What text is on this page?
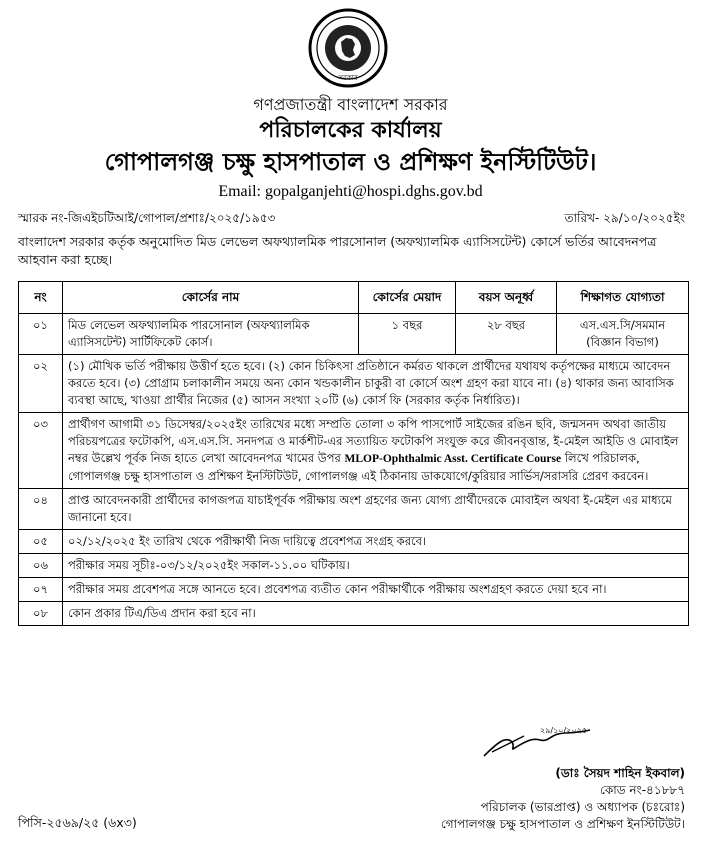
সরকার
গণপ্রজাতন্ত্রী বাংলাদেশ সরকার
পরিচালকের কার্যালয়
গোপালগঞ্জ চক্ষু হাসপাতাল ও প্রশিক্ষণ ইনস্টিটিউট।
Email: gopalganjehti@hospi.dghs.gov.bd
স্মারক নং-জিএইচটিআই/গোপাল/প্রশাঃ/২০২৫/১৯৫৩	তারিখ- ২৯/১০/২০২৫ইং
বাংলাদেশ সরকার কর্তৃক অনুমোদিত মিড লেভেল অফথ্যালমিক পারসোনাল (অফথ্যালমিক এ্যাসিসটেন্ট) কোর্সে ভর্তির আবেদনপত্র আহবান করা হচ্ছে।
নং	কোর্সের নাম	কোর্সের মেয়াদ	বয়স অনূর্ধ্ব	শিক্ষাগত যোগ্যতা
০১	মিড লেভেল অফথ্যালমিক পারসোনাল (অফথ্যালমিক এ্যাসিসটেন্ট) সার্টিফিকেট কোর্স।	১ বছর	২৮ বছর	এস.এস.সি/সমমান
(বিজ্ঞান বিভাগ)

০২	(১) মৌখিক ভর্তি পরীক্ষায় উত্তীর্ণ হতে হবে। (২) কোন চিকিৎসা প্রতিষ্ঠানে কর্মরত থাকলে প্রার্থীদের যথাযথ কর্তৃপক্ষের মাধ্যমে আবেদন করতে হবে। (৩) প্রোগ্রাম চলাকালীন সময়ে অন্য কোন খন্ডকালীন চাকুরী বা কোর্সে অংশ গ্রহণ করা যাবে না। (৪) থাকার জন্য আবাসিক ব্যবস্থা আছে, খাওয়া প্রার্থীর নিজের (৫) আসন সংখ্যা ২০টি (৬) কোর্স ফি (সরকার কর্তৃক নির্ধারিত)।			
০৩	প্রার্থীগণ আগামী ৩১ ডিসেম্বর/২০২৫ইং তারিখের মধ্যে সম্প্রতি তোলা ৩ কপি পাসপোর্ট সাইজের রঙিন ছবি, জন্মসনদ অথবা জাতীয় পরিচয়পত্রের ফটোকপি, এস.এস.সি. সনদপত্র ও মার্কশীট-এর সত্যায়িত ফটোকপি সংযুক্ত করে জীবনবৃত্তান্ত, ই-মেইল আইডি ও মোবাইল নম্বর উল্লেখ পূর্বক নিজ হাতে লেখা আবেদনপত্র খামের উপর MLOP-Ophthalmic Asst. Certificate Course লিখে পরিচালক, গোপালগঞ্জ চক্ষু হাসপাতাল ও প্রশিক্ষণ ইনস্টিটিউট, গোপালগঞ্জ এই ঠিকানায় ডাকযোগে/কুরিয়ার সার্ভিস/সরাসরি প্রেরণ করবেন।			
০৪	প্রাপ্ত আবেদনকারী প্রার্থীদের কাগজপত্র যাচাইপূর্বক পরীক্ষায় অংশ গ্রহণের জন্য যোগ্য প্রার্থীদেরকে মোবাইল অথবা ই-মেইল এর মাধ্যমে জানানো হবে।			
০৫	০২/১২/২০২৫ ইং তারিখ থেকে পরীক্ষার্থী নিজ দায়িত্বে প্রবেশপত্র সংগ্রহ করবে।			
০৬	পরীক্ষার সময় সূচীঃ-০৩/১২/২০২৫ইং সকাল-১১.০০ ঘটিকায়।			
০৭	পরীক্ষার সময় প্রবেশপত্র সঙ্গে আনতে হবে। প্রবেশপত্র ব্যতীত কোন পরীক্ষার্থীকে পরীক্ষায় অংশগ্রহণ করতে দেয়া হবে না।			
০৮	কোন প্রকার টিএ/ডিএ প্রদান করা হবে না।			
২৯/১০/২০২৫
(ডাঃ সৈয়দ শাহিন ইকবাল)
কোড নং-৪১৮৮৭
পরিচালক (ভারপ্রাপ্ত) ও অধ্যাপক (চঃরোঃ)
গোপালগঞ্জ চক্ষু হাসপাতাল ও প্রশিক্ষণ ইনস্টিটিউট।
পিসি-২৫৬৯/২৫ (৬x৩)
